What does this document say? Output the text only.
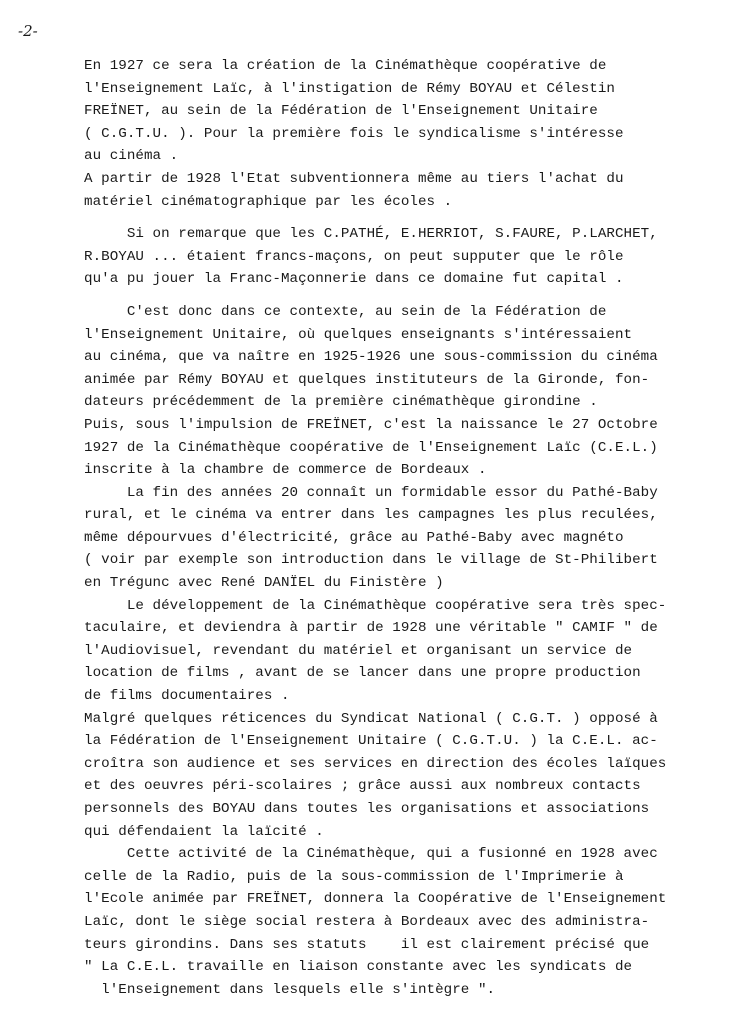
-2-
En 1927 ce sera la création de la Cinémathèque coopérative de
l'Enseignement Laïc, à l'instigation de Rémy BOYAU et Célestin
FREÏNET, au sein de la Fédération de l'Enseignement Unitaire
( C.G.T.U. ). Pour la première fois le syndicalisme s'intéresse
au cinéma .
A partir de 1928 l'Etat subventionnera même au tiers l'achat du
matériel cinématographique par les écoles .
Si on remarque que les C.PATHÉ, E.HERRIOT, S.FAURE, P.LARCHET,
R.BOYAU ... étaient francs-maçons, on peut supputer que le rôle
qu'a pu jouer la Franc-Maçonnerie dans ce domaine fut capital .
C'est donc dans ce contexte, au sein de la Fédération de
l'Enseignement Unitaire, où quelques enseignants s'intéressaient
au cinéma, que va naître en 1925-1926 une sous-commission du cinéma
animée par Rémy BOYAU et quelques instituteurs de la Gironde, fon-
dateurs précédemment de la première cinémathèque girondine .
Puis, sous l'impulsion de FREÏNET, c'est la naissance le 27 Octobre
1927 de la Cinémathèque coopérative de l'Enseignement Laïc (C.E.L.)
inscrite à la chambre de commerce de Bordeaux .
La fin des années 20 connaît un formidable essor du Pathé-Baby
rural, et le cinéma va entrer dans les campagnes les plus reculées,
même dépourvues d'électricité, grâce au Pathé-Baby avec magnéto
( voir par exemple son introduction dans le village de St-Philibert
en Trégunc avec René DANÏEL du Finistère )
Le développement de la Cinémathèque coopérative sera très spec-
taculaire, et deviendra à partir de 1928 une véritable " CAMIF " de
l'Audiovisuel, revendant du matériel et organisant un service de
location de films , avant de se lancer dans une propre production
de films documentaires .
Malgré quelques réticences du Syndicat National ( C.G.T. ) opposé à
la Fédération de l'Enseignement Unitaire ( C.G.T.U. ) la C.E.L. ac-
croîtra son audience et ses services en direction des écoles laïques
et des oeuvres péri-scolaires ; grâce aussi aux nombreux contacts
personnels des BOYAU dans toutes les organisations et associations
qui défendaient la laïcité .
Cette activité de la Cinémathèque, qui a fusionné en 1928 avec
celle de la Radio, puis de la sous-commission de l'Imprimerie à
l'Ecole animée par FREÏNET, donnera la Coopérative de l'Enseignement
Laïc, dont le siège social restera à Bordeaux avec des administra-
teurs girondins. Dans ses statuts    il est clairement précisé que
" La C.E.L. travaille en liaison constante avec les syndicats de
l'Enseignement dans lesquels elle s'intègre ".
